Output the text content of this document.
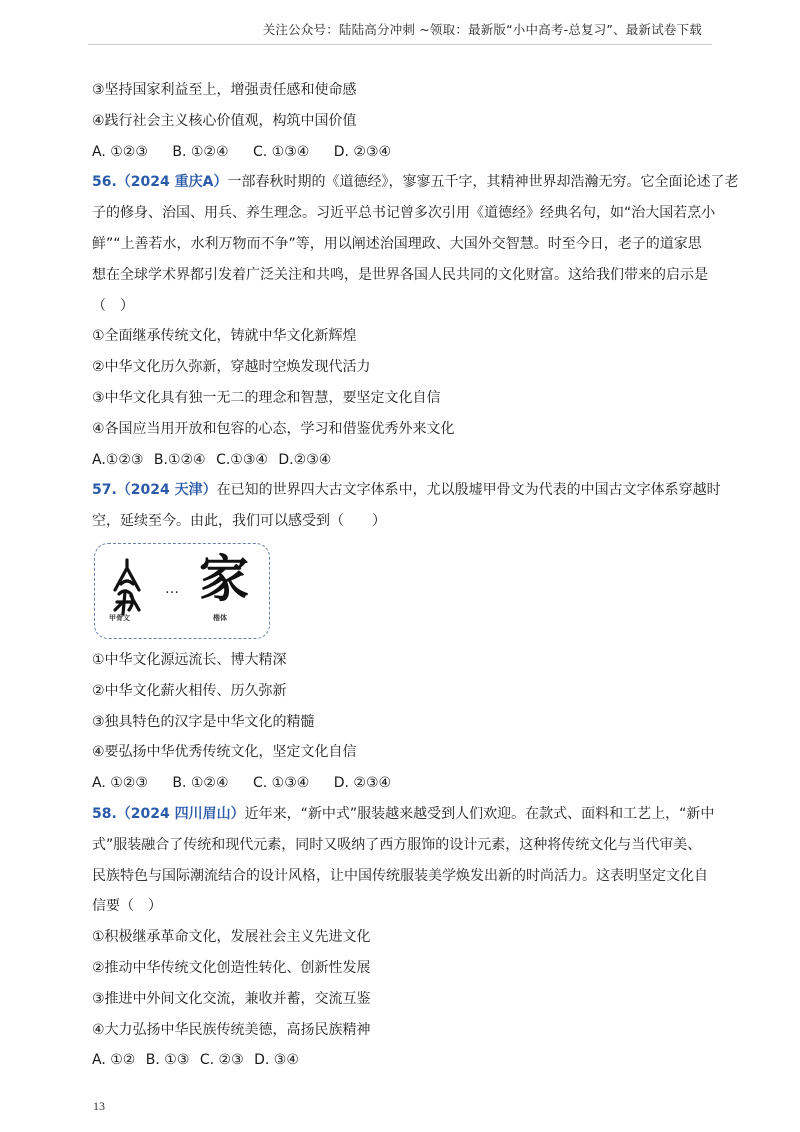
关注公众号：陆陆高分冲刺 ~领取：最新版“小中高考-总复习”、最新试卷下载
③坚持国家利益至上，增强责任感和使命感
④践行社会主义核心价值观，构筑中国价值
A. ①②③ B. ①②④ C. ①③④ D. ②③④
56.（2024 重庆A）一部春秋时期的《道德经》，寥寥五千字，其精神世界却浩瀚无穷。它全面论述了老
子的修身、治国、用兵、养生理念。习近平总书记曾多次引用《道德经》经典名句，如“治大国若烹小
鲜”“上善若水，水利万物而不争”等，用以阐述治国理政、大国外交智慧。时至今日，老子的道家思
想在全球学术界都引发着广泛关注和共鸣，是世界各国人民共同的文化财富。这给我们带来的启示是
（　）
①全面继承传统文化，铸就中华文化新辉煌
②中华文化历久弥新，穿越时空焕发现代活力
③中华文化具有独一无二的理念和智慧，要坚定文化自信
④各国应当用开放和包容的心态，学习和借鉴优秀外来文化
A.①②③ B.①②④ C.①③④ D.②③④
57.（2024 天津）在已知的世界四大古文字体系中，尤以殷墟甲骨文为代表的中国古文字体系穿越时
空，延续至今。由此，我们可以感受到（　　）
… 家
甲骨文	楷体
①中华文化源远流长、博大精深
②中华文化薪火相传、历久弥新
③独具特色的汉字是中华文化的精髓
④要弘扬中华优秀传统文化，坚定文化自信
A. ①②③ B. ①②④ C. ①③④ D. ②③④
58.（2024 四川眉山）近年来，“新中式”服装越来越受到人们欢迎。在款式、面料和工艺上，“新中
式”服装融合了传统和现代元素，同时又吸纳了西方服饰的设计元素，这种将传统文化与当代审美、
民族特色与国际潮流结合的设计风格，让中国传统服装美学焕发出新的时尚活力。这表明坚定文化自
信要（　）
①积极继承革命文化，发展社会主义先进文化
②推动中华传统文化创造性转化、创新性发展
③推进中外间文化交流，兼收并蓄，交流互鉴
④大力弘扬中华民族传统美德，高扬民族精神
A. ①② B. ①③ C. ②③ D. ③④
13
